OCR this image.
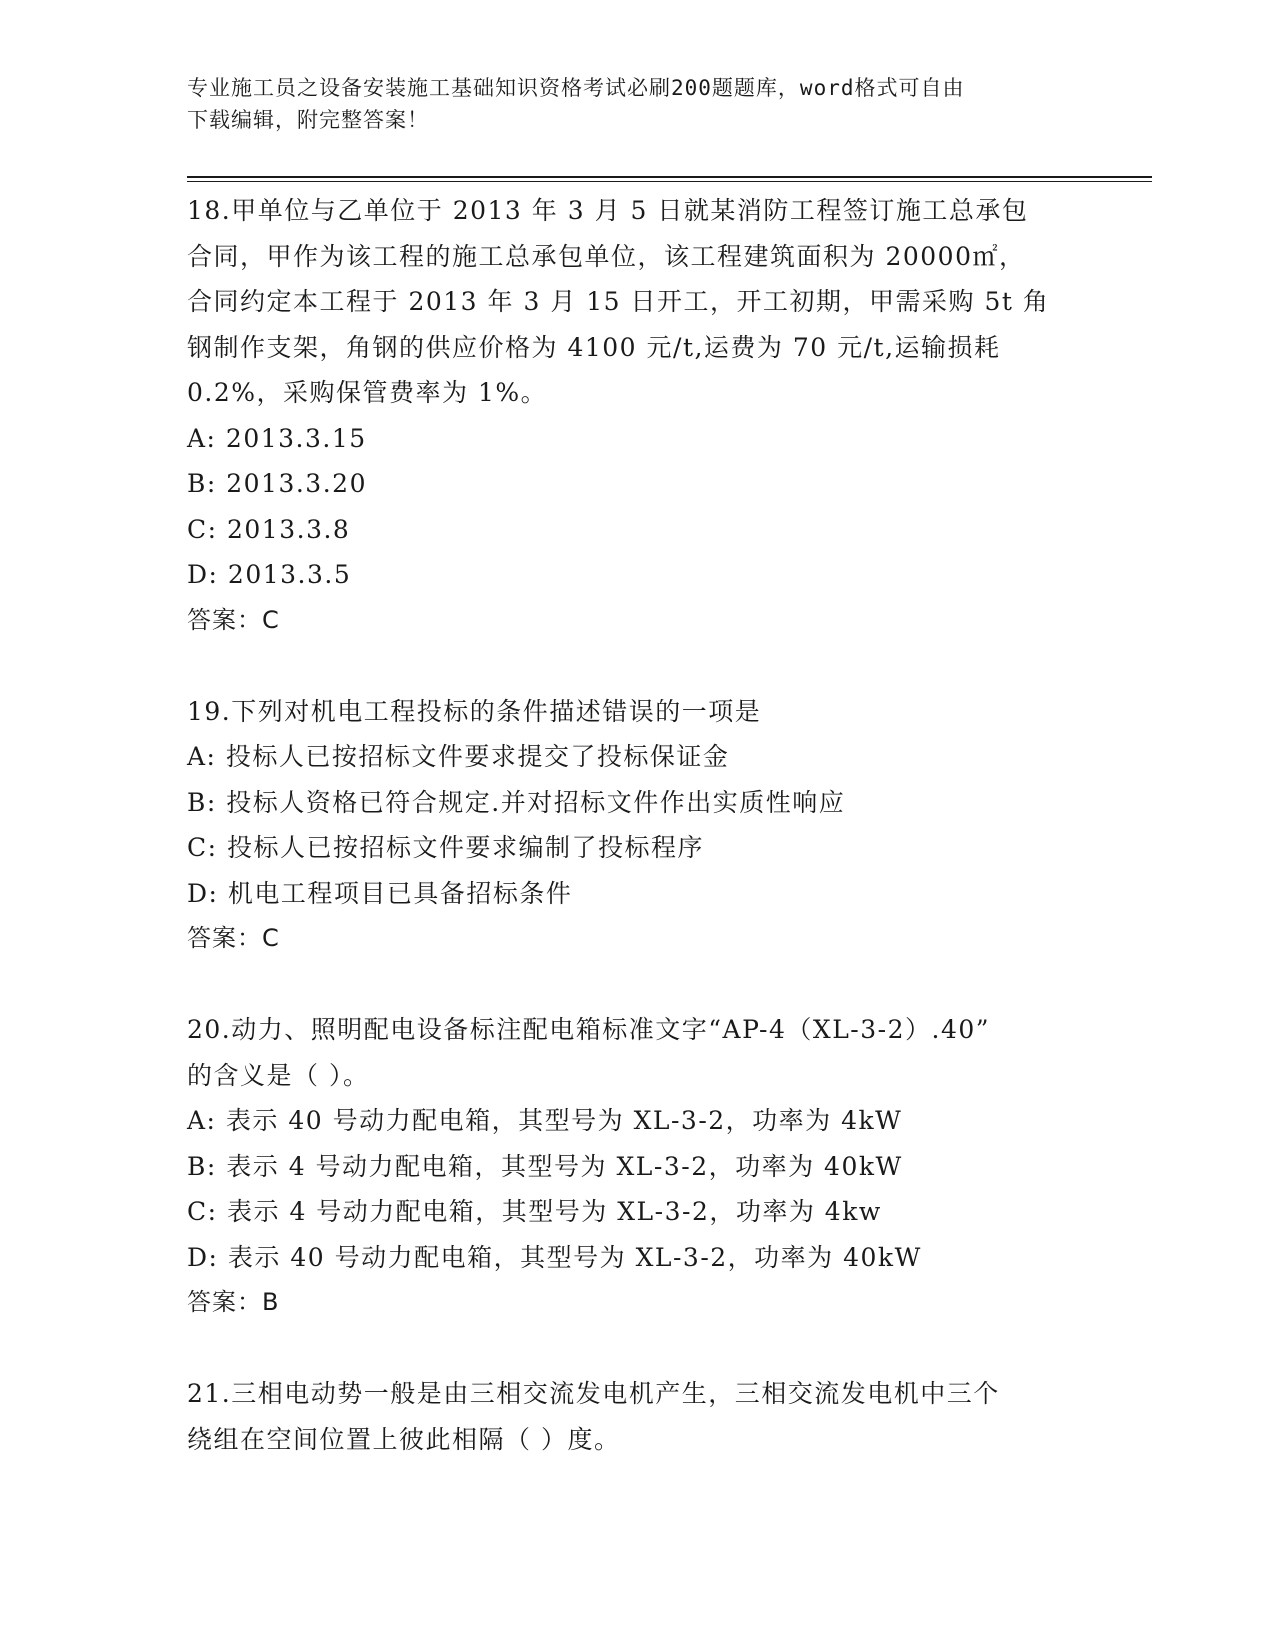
专业施工员之设备安装施工基础知识资格考试必刷200题题库，word格式可自由
下载编辑，附完整答案！
18.甲单位与乙单位于 2013 年 3 月 5 日就某消防工程签订施工总承包
合同，甲作为该工程的施工总承包单位，该工程建筑面积为 20000㎡，
合同约定本工程于 2013 年 3 月 15 日开工，开工初期，甲需采购 5t 角
钢制作支架，角钢的供应价格为 4100 元/t,运费为 70 元/t,运输损耗
0.2%，采购保管费率为 1%。
A: 2013.3.15
B: 2013.3.20
C: 2013.3.8
D: 2013.3.5
答案：C
19.下列对机电工程投标的条件描述错误的一项是
A: 投标人已按招标文件要求提交了投标保证金
B: 投标人资格已符合规定.并对招标文件作出实质性响应
C: 投标人已按招标文件要求编制了投标程序
D: 机电工程项目已具备招标条件
答案：C
20.动力、照明配电设备标注配电箱标准文字“AP-4（XL-3-2）.40”
的含义是（ ）。
A: 表示 40 号动力配电箱，其型号为 XL-3-2，功率为 4kW
B: 表示 4 号动力配电箱，其型号为 XL-3-2，功率为 40kW
C: 表示 4 号动力配电箱，其型号为 XL-3-2，功率为 4kw
D: 表示 40 号动力配电箱，其型号为 XL-3-2，功率为 40kW
答案：B
21.三相电动势一般是由三相交流发电机产生，三相交流发电机中三个
绕组在空间位置上彼此相隔（ ）度。
